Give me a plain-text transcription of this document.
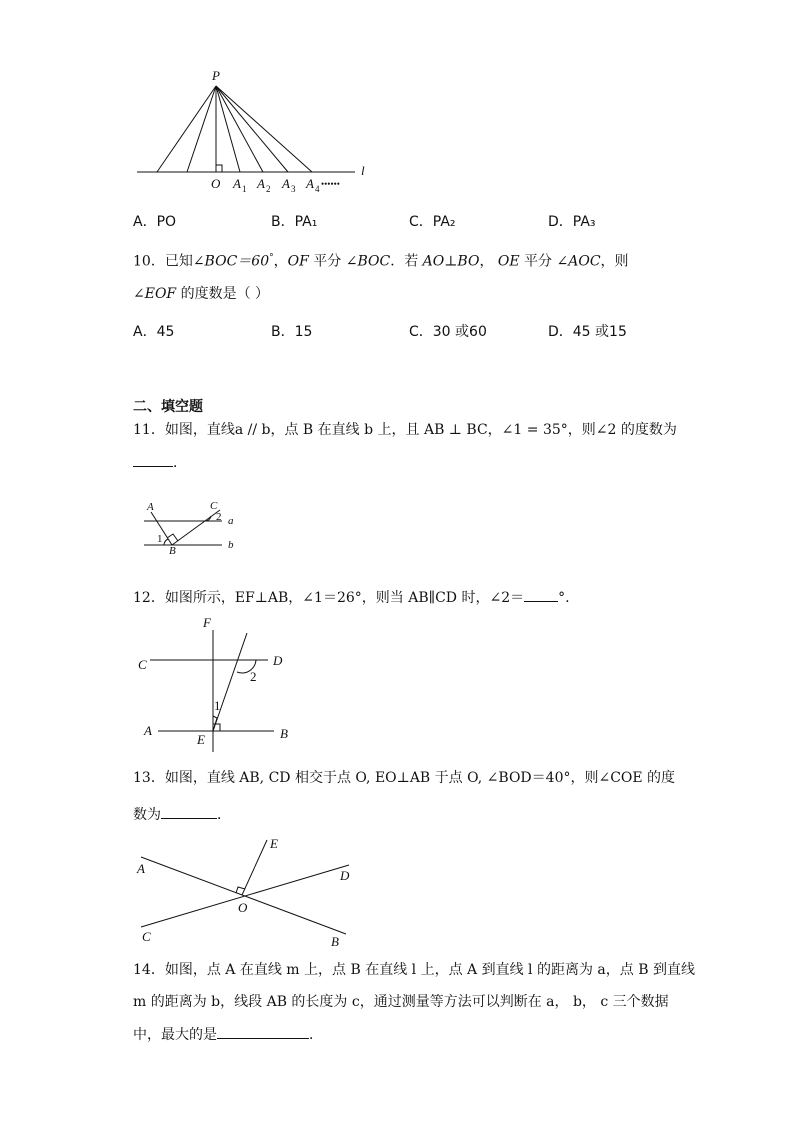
P
O A 1 A 2 A 3 A 4 ••••••
l
A．PO	B．PA₁	C．PA₂	D．PA₃
10．已知∠BOC＝60°，OF 平分 ∠BOC．若 AO⊥BO， OE 平分 ∠AOC，则
∠EOF 的度数是（ ）
A．45	B．15	C．30 或60	D．45 或15
二、填空题
11．如图，直线a // b，点 B 在直线 b 上，且 AB ⊥ BC，∠1 = 35°，则∠2 的度数为
．
A	C
2 a
1	b
B
12．如图所示，EF⊥AB，∠1＝26°，则当 AB∥CD 时，∠2＝ °.
F
C	D
2
1
A
E	B
13．如图，直线 AB, CD 相交于点 O, EO⊥AB 于点 O, ∠BOD＝40°，则∠COE 的度
数为	．
E
A	D
O
C	B
14．如图，点 A 在直线 m 上，点 B 在直线 l 上，点 A 到直线 l 的距离为 a，点 B 到直线
m 的距离为 b，线段 AB 的长度为 c，通过测量等方法可以判断在 a， b， c 三个数据
中，最大的是	．
